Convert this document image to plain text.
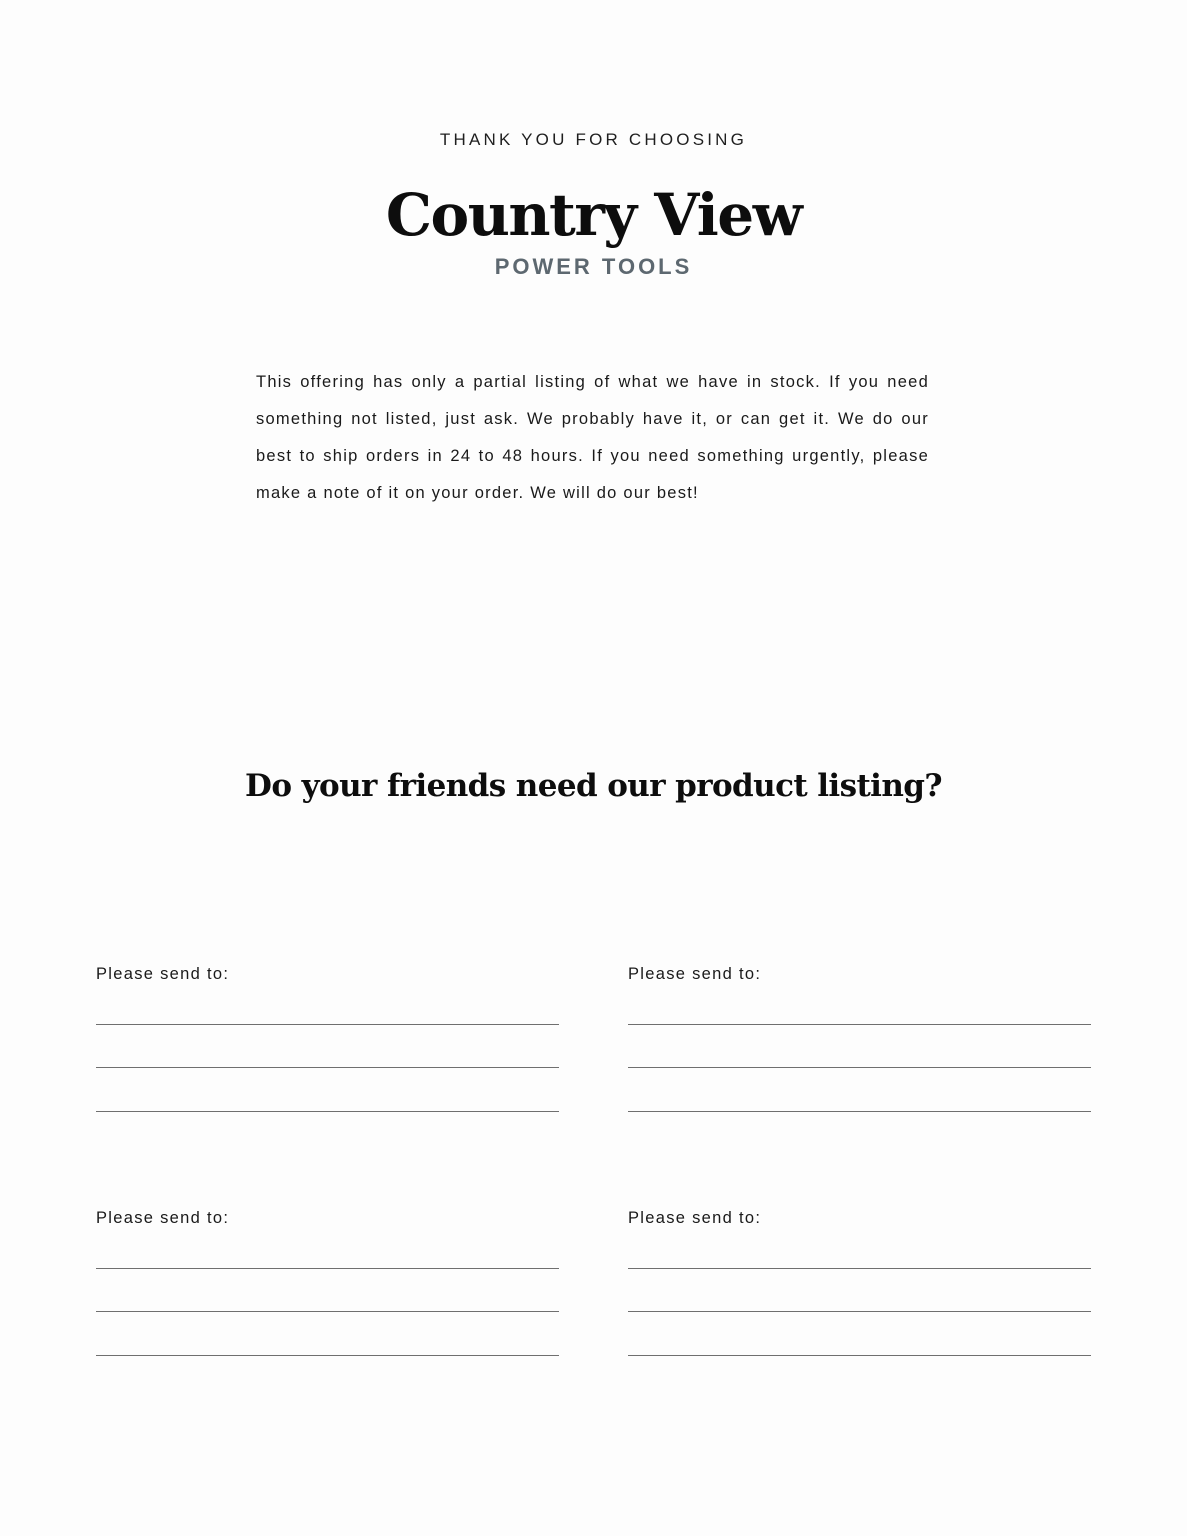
THANK YOU FOR CHOOSING
Country View
POWER TOOLS

This offering has only a partial listing of what we have in stock. If you need something not listed, just ask. We probably have it, or can get it. We do our best to ship orders in 24 to 48 hours. If you need something urgently, please make a note of it on your order. We will do our best!

Do your friends need our product listing?
Please send to:	Please send to:
Please send to:	Please send to:
